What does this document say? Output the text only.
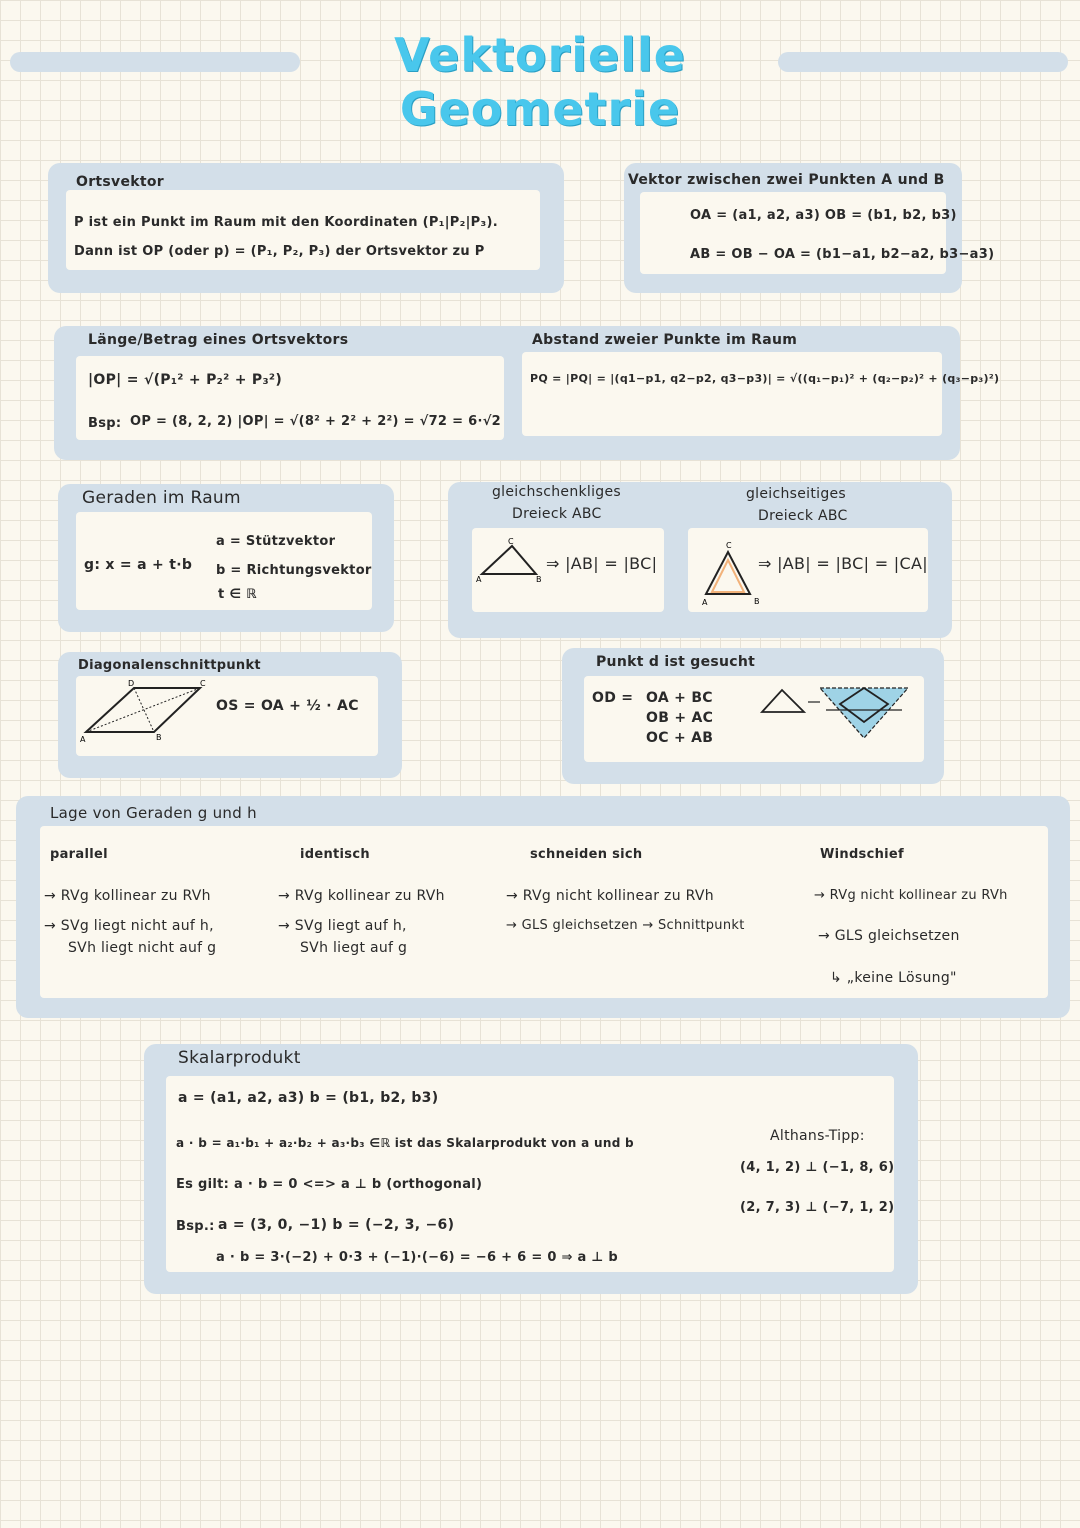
Vektorielle Geometrie
Ortsvektor
P ist ein Punkt im Raum mit den Koordinaten (P₁|P₂|P₃).
Dann ist OP (oder p) = (P₁, P₂, P₃) der Ortsvektor zu P
Vektor zwischen zwei Punkten A und B
OA = (a1, a2, a3) OB = (b1, b2, b3)
AB = OB − OA = (b1−a1, b2−a2, b3−a3)
Länge/Betrag eines Ortsvektors
|OP| = √(P₁² + P₂² + P₃²)
Bsp: OP = (8, 2, 2) |OP| = √(8² + 2² + 2²) = √72 = 6·√2
Abstand zweier Punkte im Raum
PQ = |PQ| = |(q1−p1, q2−p2, q3−p3)| = √((q₁−p₁)² + (q₂−p₂)² + (q₃−p₃)²)
Geraden im Raum
g: x = a + t·b
a = Stützvektor
b = Richtungsvektor
t ∈ ℝ
gleichschenkliges
Dreieck ABC
gleichseitiges
Dreieck ABC
A	B
C
⇒ |AB| = |BC|
A	B
C
⇒ |AB| = |BC| = |CA|
Diagonalenschnittpunkt
A	B
C
D
OS = OA + ½ · AC
Punkt d ist gesucht
OD = OA + BC
OB + AC
OC + AB
Lage von Geraden g und h
parallel
→ RVg kollinear zu RVh
→ SVg liegt nicht auf h,
SVh liegt nicht auf g
identisch
→ RVg kollinear zu RVh
→ SVg liegt auf h,
SVh liegt auf g
schneiden sich
→ RVg nicht kollinear zu RVh
→ GLS gleichsetzen → Schnittpunkt
Windschief
→ RVg nicht kollinear zu RVh
→ GLS gleichsetzen
↳ „keine Lösung"
Skalarprodukt
a = (a1, a2, a3) b = (b1, b2, b3)
a · b = a₁·b₁ + a₂·b₂ + a₃·b₃ ∈ℝ ist das Skalarprodukt von a und b
Es gilt: a · b = 0 <=> a ⊥ b (orthogonal)
Bsp.: a = (3, 0, −1) b = (−2, 3, −6)
a · b = 3·(−2) + 0·3 + (−1)·(−6) = −6 + 6 = 0 ⇒ a ⊥ b
Althans-Tipp:
(4, 1, 2) ⊥ (−1, 8, 6)
(2, 7, 3) ⊥ (−7, 1, 2)
